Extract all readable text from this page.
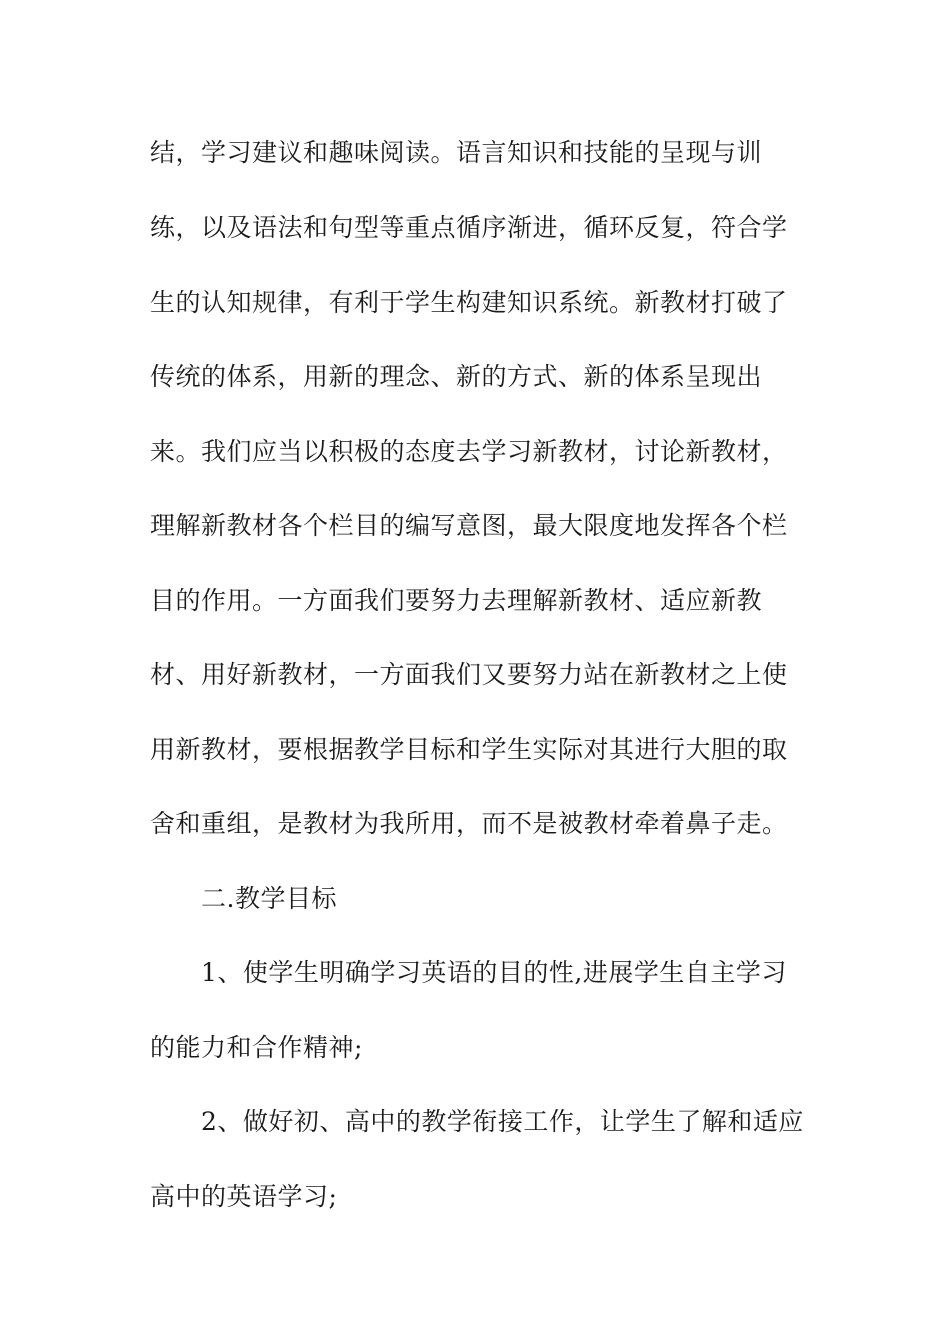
结，学习建议和趣味阅读。语言知识和技能的呈现与训
练，以及语法和句型等重点循序渐进，循环反复，符合学
生的认知规律，有利于学生构建知识系统。新教材打破了
传统的体系，用新的理念、新的方式、新的体系呈现出
来。我们应当以积极的态度去学习新教材，讨论新教材，
理解新教材各个栏目的编写意图，最大限度地发挥各个栏
目的作用。一方面我们要努力去理解新教材、适应新教
材、用好新教材，一方面我们又要努力站在新教材之上使
用新教材，要根据教学目标和学生实际对其进行大胆的取
舍和重组，是教材为我所用，而不是被教材牵着鼻子走。
二.教学目标
1、使学生明确学习英语的目的性,进展学生自主学习
的能力和合作精神;
2、做好初、高中的教学衔接工作，让学生了解和适应
高中的英语学习;
